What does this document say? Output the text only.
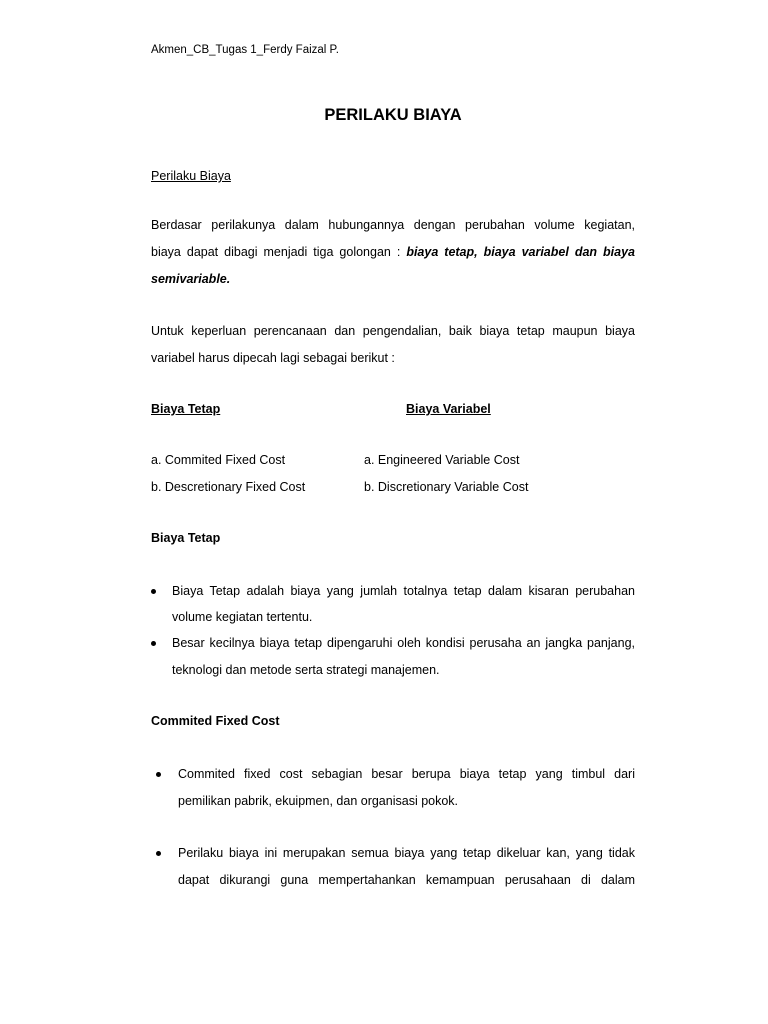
Akmen_CB_Tugas 1_Ferdy Faizal P.
PERILAKU BIAYA
Perilaku Biaya
Berdasar perilakunya dalam hubungannya dengan perubahan volume kegiatan,
biaya dapat dibagi menjadi tiga golongan : biaya tetap, biaya variabel dan biaya
semivariable.
Untuk keperluan perencanaan dan pengendalian, baik biaya tetap maupun biaya
variabel harus dipecah lagi sebagai berikut :
Biaya Tetap	Biaya Variabel
a. Commited Fixed Cost
b. Descretionary Fixed Cost
a. Engineered Variable Cost
b. Discretionary Variable Cost
Biaya Tetap
Biaya Tetap adalah biaya yang jumlah totalnya tetap dalam kisaran perubahan
volume kegiatan tertentu.
Besar kecilnya biaya tetap dipengaruhi oleh kondisi perusaha an jangka panjang,
teknologi dan metode serta strategi manajemen.
Commited Fixed Cost
Commited fixed cost sebagian besar berupa biaya tetap yang timbul dari
pemilikan pabrik, ekuipmen, dan organisasi pokok.
Perilaku biaya ini merupakan semua biaya yang tetap dikeluar kan, yang tidak
dapat dikurangi guna mempertahankan kemampuan perusahaan di dalam
